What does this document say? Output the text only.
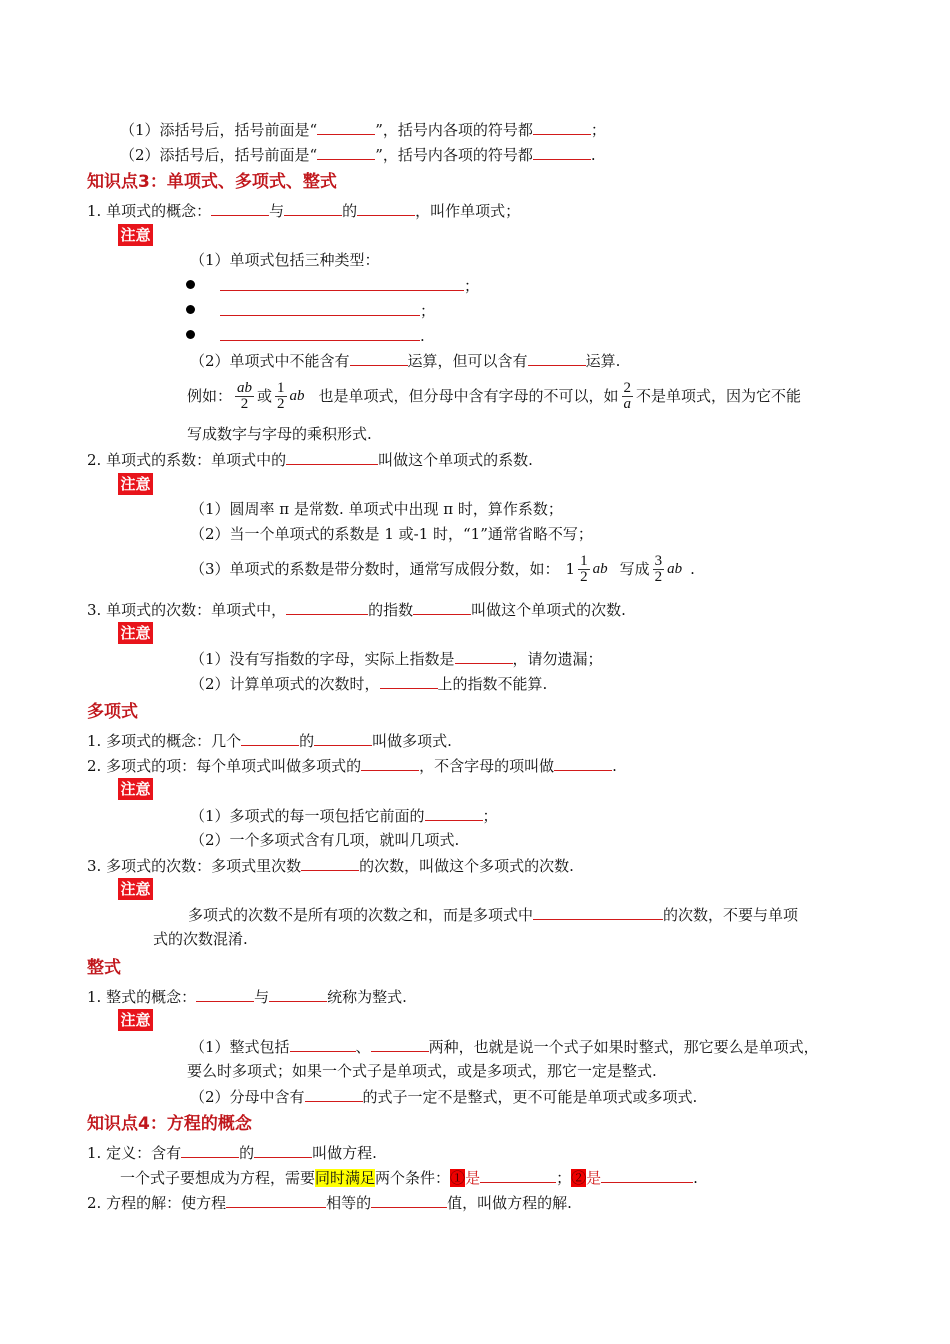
（1）添括号后，括号前面是“	”，括号内各项的符号都	；
（2）添括号后，括号前面是“	”，括号内各项的符号都	.
知识点3：单项式、多项式、整式
1. 单项式的概念：	与	的	，叫作单项式；
注意
（1）单项式包括三种类型：
；
；
.
（2）单项式中不能含有	运算，但可以含有	运算.
例如： $\frac{ab}{2}$ 或 $\frac{1}{2}$ ab 也是单项式，但分母中含有字母的不可以，如 $\frac{2}{a}$ 不是单项式，因为它不能
写成数字与字母的乘积形式.
2. 单项式的系数：单项式中的	叫做这个单项式的系数.
注意
（1）圆周率 π 是常数. 单项式中出现 π 时，算作系数；
（2）当一个单项式的系数是 1 或-1 时，“1”通常省略不写；
（3）单项式的系数是带分数时，通常写成假分数，如： $1 \frac{1}{2}$ ab 写成 $\frac{3}{2}$ ab .
3. 单项式的次数：单项式中，	的指数	叫做这个单项式的次数.
注意
（1）没有写指数的字母，实际上指数是	，请勿遗漏；
（2）计算单项式的次数时，	上的指数不能算.
多项式
1. 多项式的概念：几个	的	叫做多项式.
2. 多项式的项：每个单项式叫做多项式的	，不含字母的项叫做	.
注意
（1）多项式的每一项包括它前面的	；
（2）一个多项式含有几项，就叫几项式.
3. 多项式的次数：多项式里次数	的次数，叫做这个多项式的次数.
注意
多项式的次数不是所有项的次数之和，而是多项式中	的次数，不要与单项
式的次数混淆.
整式
1. 整式的概念：	与	统称为整式.
注意
（1）整式包括	、	两种，也就是说一个式子如果时整式，那它要么是单项式，
要么时多项式；如果一个式子是单项式，或是多项式，那它一定是整式.
（2）分母中含有	的式子一定不是整式，更不可能是单项式或多项式.
知识点4：方程的概念
1. 定义：含有	的	叫做方程.
一个式子要想成为方程，需要同时满足两个条件：①是	；②是	.
2. 方程的解：使方程	相等的	值，叫做方程的解.
